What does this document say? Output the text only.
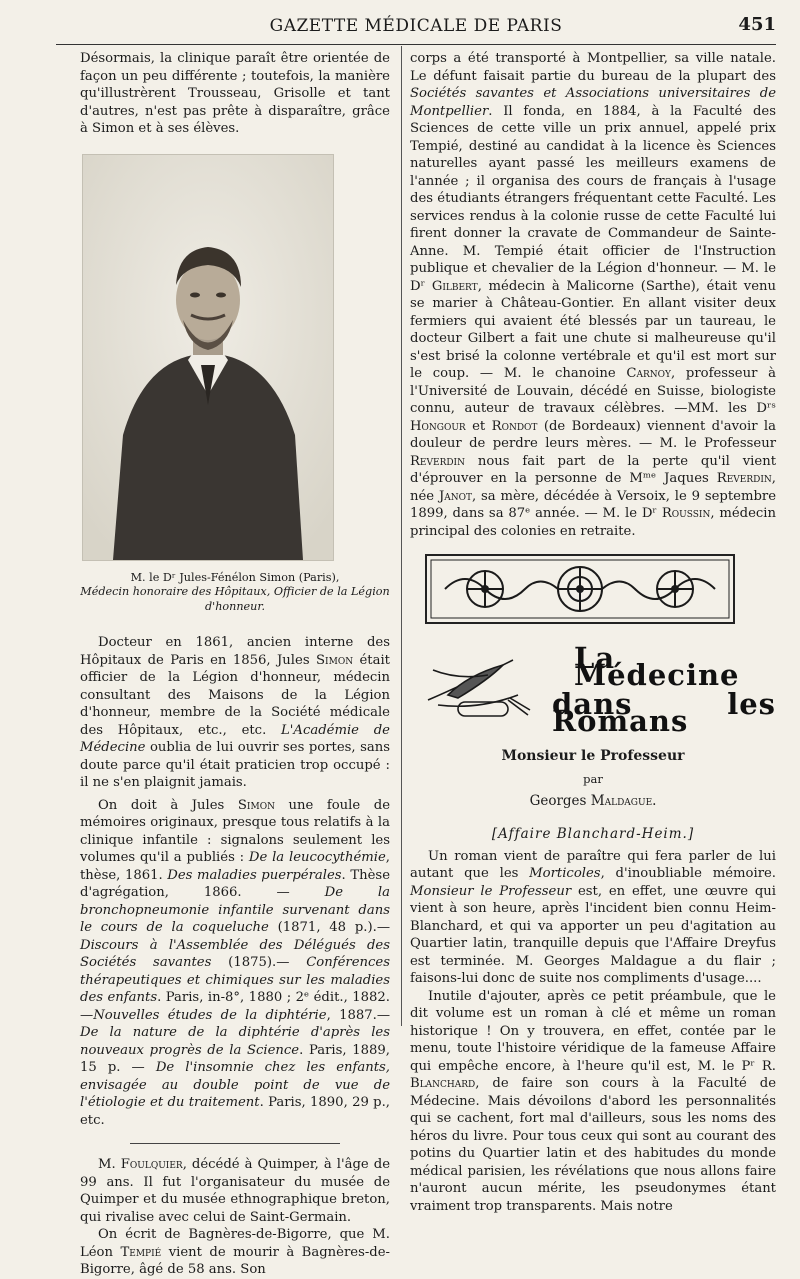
GAZETTE MÉDICALE DE PARIS	451

Désormais, la clinique paraît être orientée de façon un peu différente ; toutefois, la manière qu'illustrèrent Trousseau, Grisolle et tant d'autres, n'est pas prête à disparaître, grâce à Simon et à ses élèves.

M. le Dʳ Jules-Fénélon Simon (Paris),
Médecin honoraire des Hôpitaux, Officier de la Légion d'honneur.

Docteur en 1861, ancien interne des Hôpitaux de Paris en 1856, Jules Simon était officier de la Légion d'honneur, médecin consultant des Maisons de la Légion d'honneur, membre de la Société médicale des Hôpitaux, etc., etc. L'Académie de Médecine oublia de lui ouvrir ses portes, sans doute parce qu'il était praticien trop occupé : il ne s'en plaignit jamais.

On doit à Jules Simon une foule de mémoires originaux, presque tous relatifs à la clinique infantile : signalons seulement les volumes qu'il a publiés : De la leucocythémie, thèse, 1861. Des maladies puerpérales. Thèse d'agrégation, 1866. — De la bronchopneumonie infantile survenant dans le cours de la coqueluche (1871, 48 p.).— Discours à l'Assemblée des Délégués des Sociétés savantes (1875).— Conférences thérapeutiques et chimiques sur les maladies des enfants. Paris, in-8°, 1880 ; 2ᵉ édit., 1882. —Nouvelles études de la diphtérie, 1887.— De la nature de la diphtérie d'après les nouveaux progrès de la Science. Paris, 1889, 15 p. — De l'insomnie chez les enfants, envisagée au double point de vue de l'étiologie et du traitement. Paris, 1890, 29 p., etc.

M. Foulquier, décédé à Quimper, à l'âge de 99 ans. Il fut l'organisateur du musée de Quimper et du musée ethnographique breton, qui rivalise avec celui de Saint-Germain.

On écrit de Bagnères-de-Bigorre, que M. Léon Tempié vient de mourir à Bagnères-de-Bigorre, âgé de 58 ans. Son

corps a été transporté à Montpellier, sa ville natale. Le défunt faisait partie du bureau de la plupart des Sociétés savantes et Associations universitaires de Montpellier. Il fonda, en 1884, à la Faculté des Sciences de cette ville un prix annuel, appelé prix Tempié, destiné au candidat à la licence ès Sciences naturelles ayant passé les meilleurs examens de l'année ; il organisa des cours de français à l'usage des étudiants étrangers fréquentant cette Faculté. Les services rendus à la colonie russe de cette Faculté lui firent donner la cravate de Commandeur de Sainte-Anne. M. Tempié était officier de l'Instruction publique et chevalier de la Légion d'honneur. — M. le Dʳ Gilbert, médecin à Malicorne (Sarthe), était venu se marier à Château-Gontier. En allant visiter deux fermiers qui avaient été blessés par un taureau, le docteur Gilbert a fait une chute si malheureuse qu'il s'est brisé la colonne vertébrale et qu'il est mort sur le coup. — M. le chanoine Carnoy, professeur à l'Université de Louvain, décédé en Suisse, biologiste connu, auteur de travaux célèbres. —MM. les Dʳˢ Hongour et Rondot (de Bordeaux) viennent d'avoir la douleur de perdre leurs mères. — M. le Professeur Reverdin nous fait part de la perte qu'il vient d'éprouver en la personne de Mᵐᵉ Jaques Reverdin, née Janot, sa mère, décédée à Versoix, le 9 septembre 1899, dans sa 87ᵉ année. — M. le Dʳ Roussin, médecin principal des colonies en retraite.

La Médecine
dans les Romans
Monsieur le Professeur
par
Georges Maldague.
[Affaire Blanchard-Heim.]

Un roman vient de paraître qui fera parler de lui autant que les Morticoles, d'inoubliable mémoire. Monsieur le Professeur est, en effet, une œuvre qui vient à son heure, après l'incident bien connu Heim-Blanchard, et qui va apporter un peu d'agitation au Quartier latin, tranquille depuis que l'Affaire Dreyfus est terminée. M. Georges Maldague a du flair ; faisons-lui donc de suite nos compliments d'usage....

Inutile d'ajouter, après ce petit préambule, que le dit volume est un roman à clé et même un roman historique ! On y trouvera, en effet, contée par le menu, toute l'histoire véridique de la fameuse Affaire qui empêche encore, à l'heure qu'il est, M. le Pʳ R. Blanchard, de faire son cours à la Faculté de Médecine. Mais dévoilons d'abord les personnalités qui se cachent, fort mal d'ailleurs, sous les noms des héros du livre. Pour tous ceux qui sont au courant des potins du Quartier latin et des habitudes du monde médical parisien, les révélations que nous allons faire n'auront aucun mérite, les pseudonymes étant vraiment trop transparents. Mais notre
